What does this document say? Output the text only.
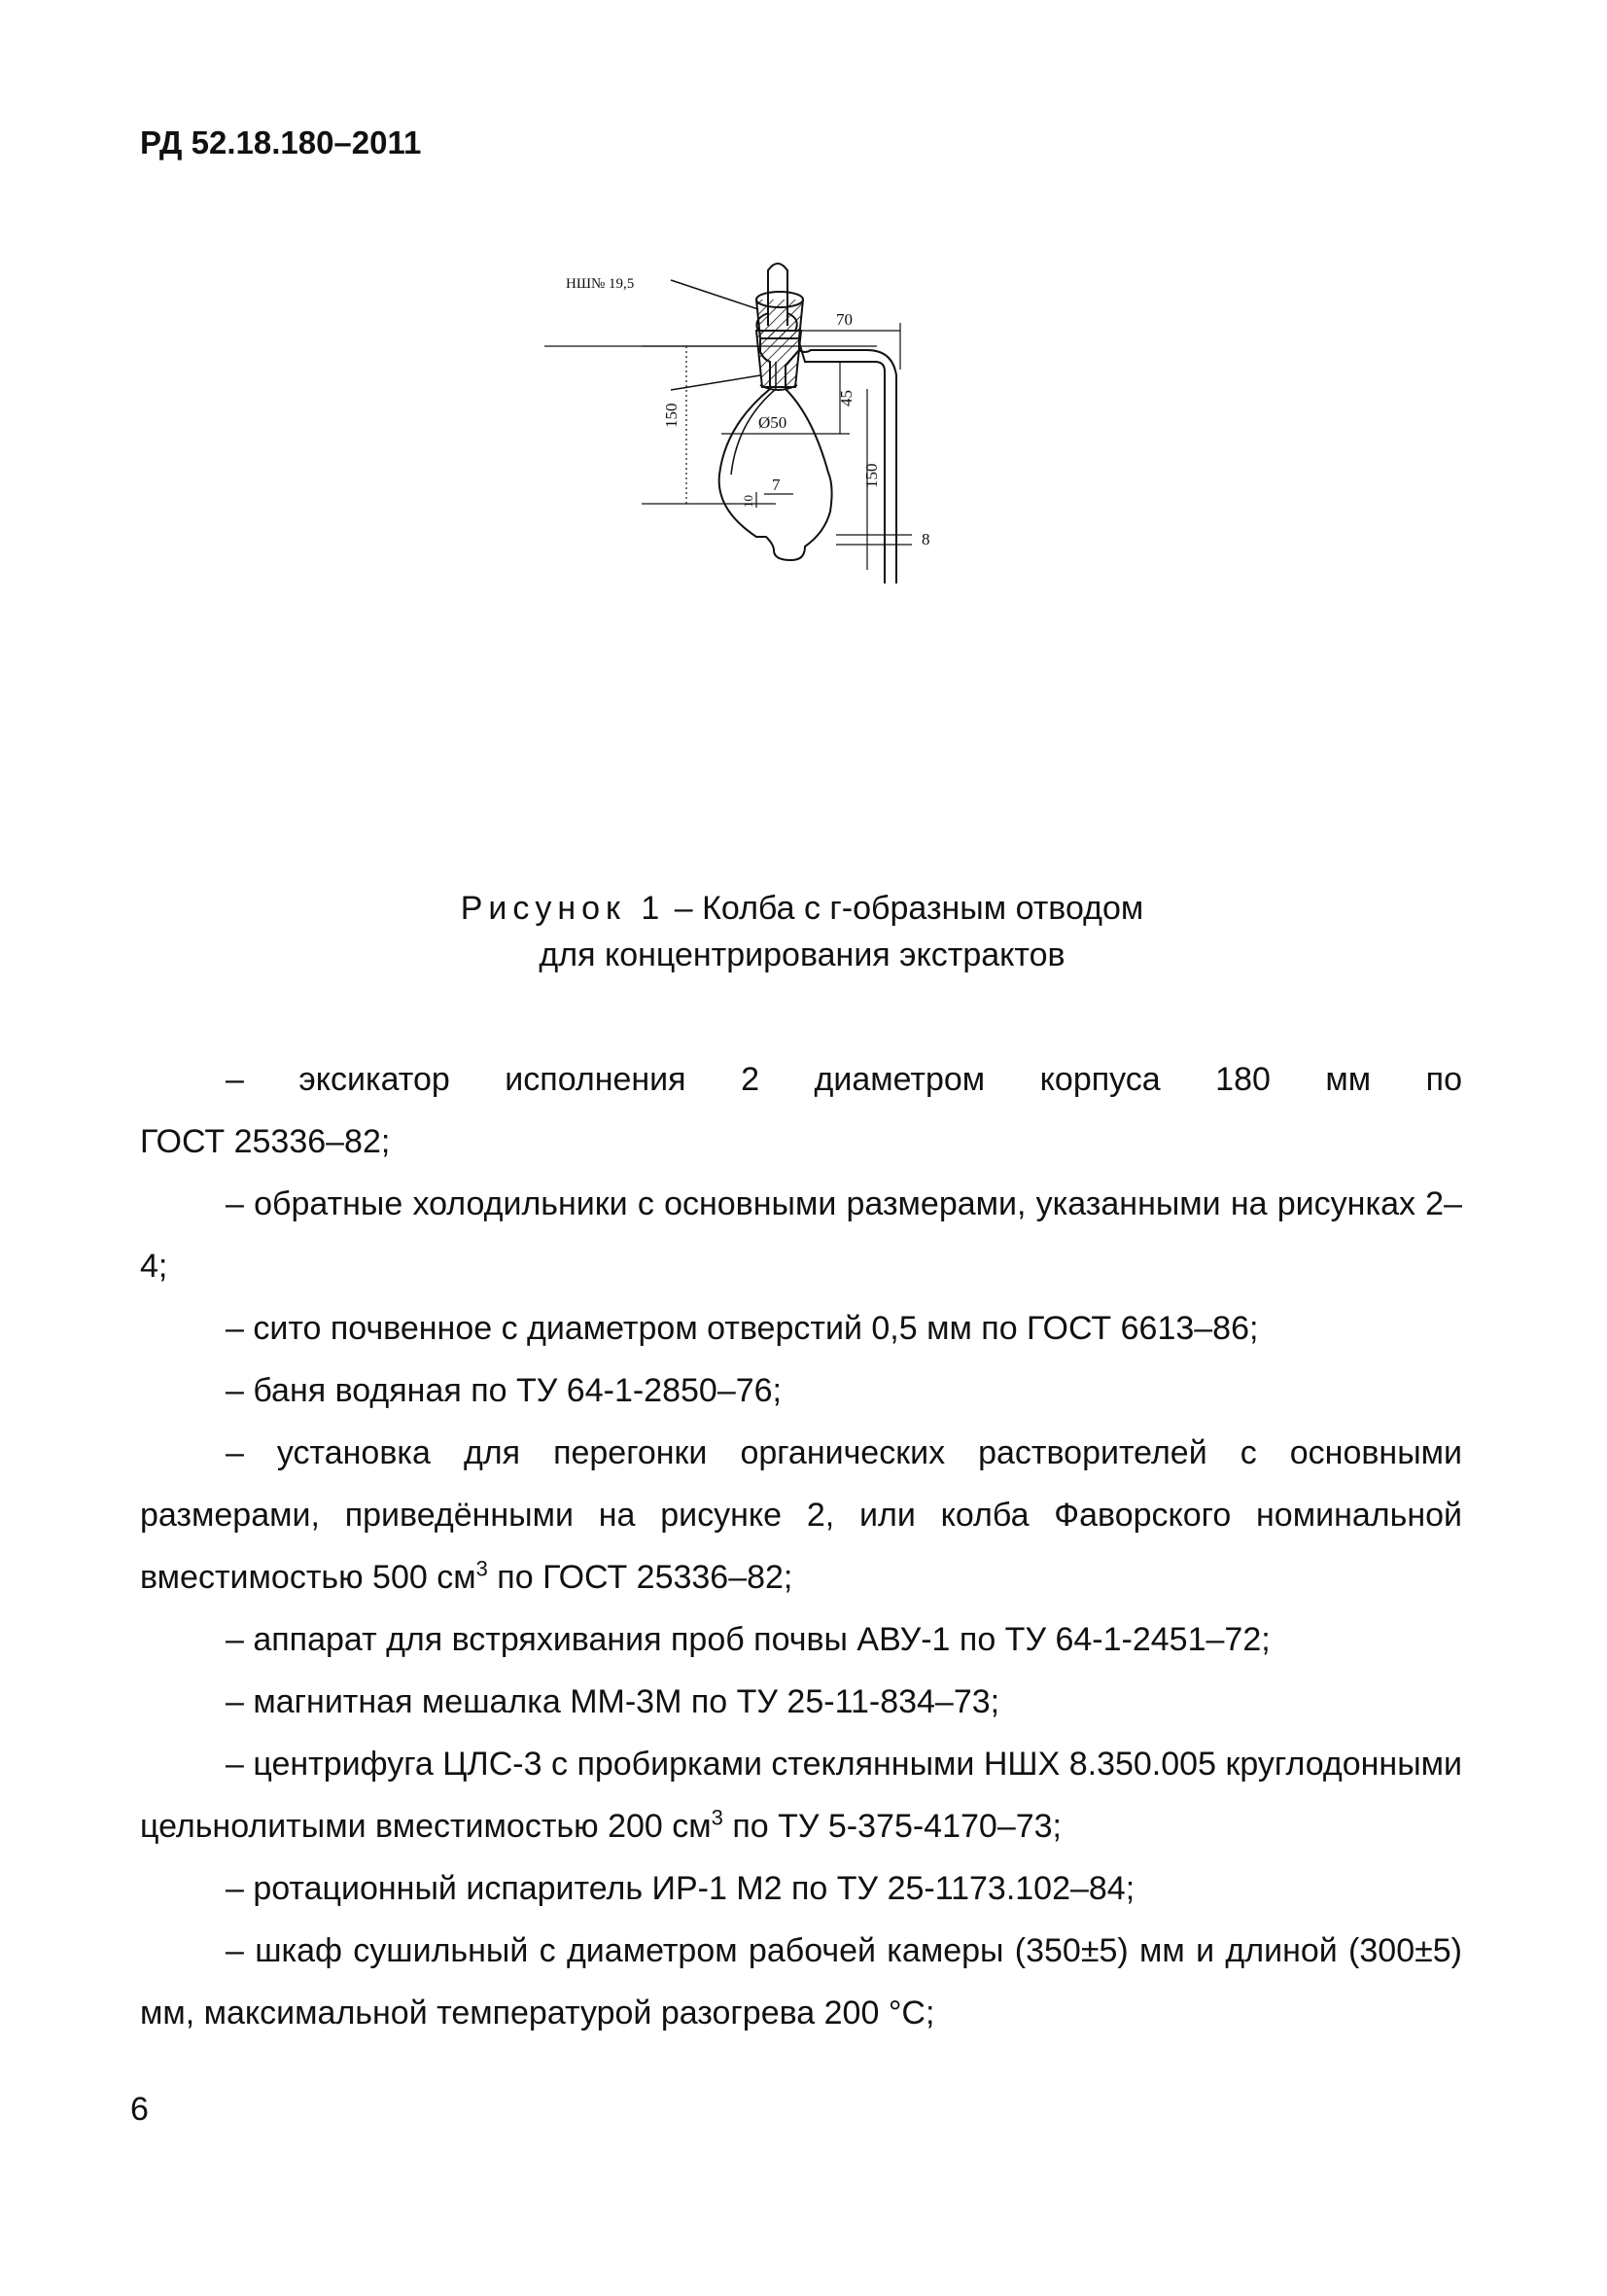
РД 52.18.180–2011
НШ№ 19,5
70
150
45
Ø50
150
7
10
8
Рисунок 1 – Колба с г-образным отводом
для концентрирования экстрактов

– эксикатор исполнения 2 диаметром корпуса 180 мм по

ГОСТ 25336–82;

– обратные холодильники с основными размерами, указанными на рисунках 2–4;

– сито почвенное с диаметром отверстий 0,5 мм по ГОСТ 6613–86;

– баня водяная по ТУ 64-1-2850–76;

– установка для перегонки органических растворителей с основными размерами, приведёнными на рисунке 2, или колба Фаворского номинальной вместимостью 500 $см^3$ по ГОСТ 25336–82;

– аппарат для встряхивания проб почвы АВУ-1 по ТУ 64-1-2451–72;

– магнитная мешалка ММ-3М по ТУ 25-11-834–73;

– центрифуга ЦЛС-3 с пробирками стеклянными НШХ 8.350.005 круглодонными цельнолитыми вместимостью 200 $см^3$ по ТУ 5-375-4170–73;

– ротационный испаритель ИР-1 М2 по ТУ 25-1173.102–84;

– шкаф сушильный с диаметром рабочей камеры (350±5) мм и длиной (300±5) мм, максимальной температурой разогрева 200 °С;

6
